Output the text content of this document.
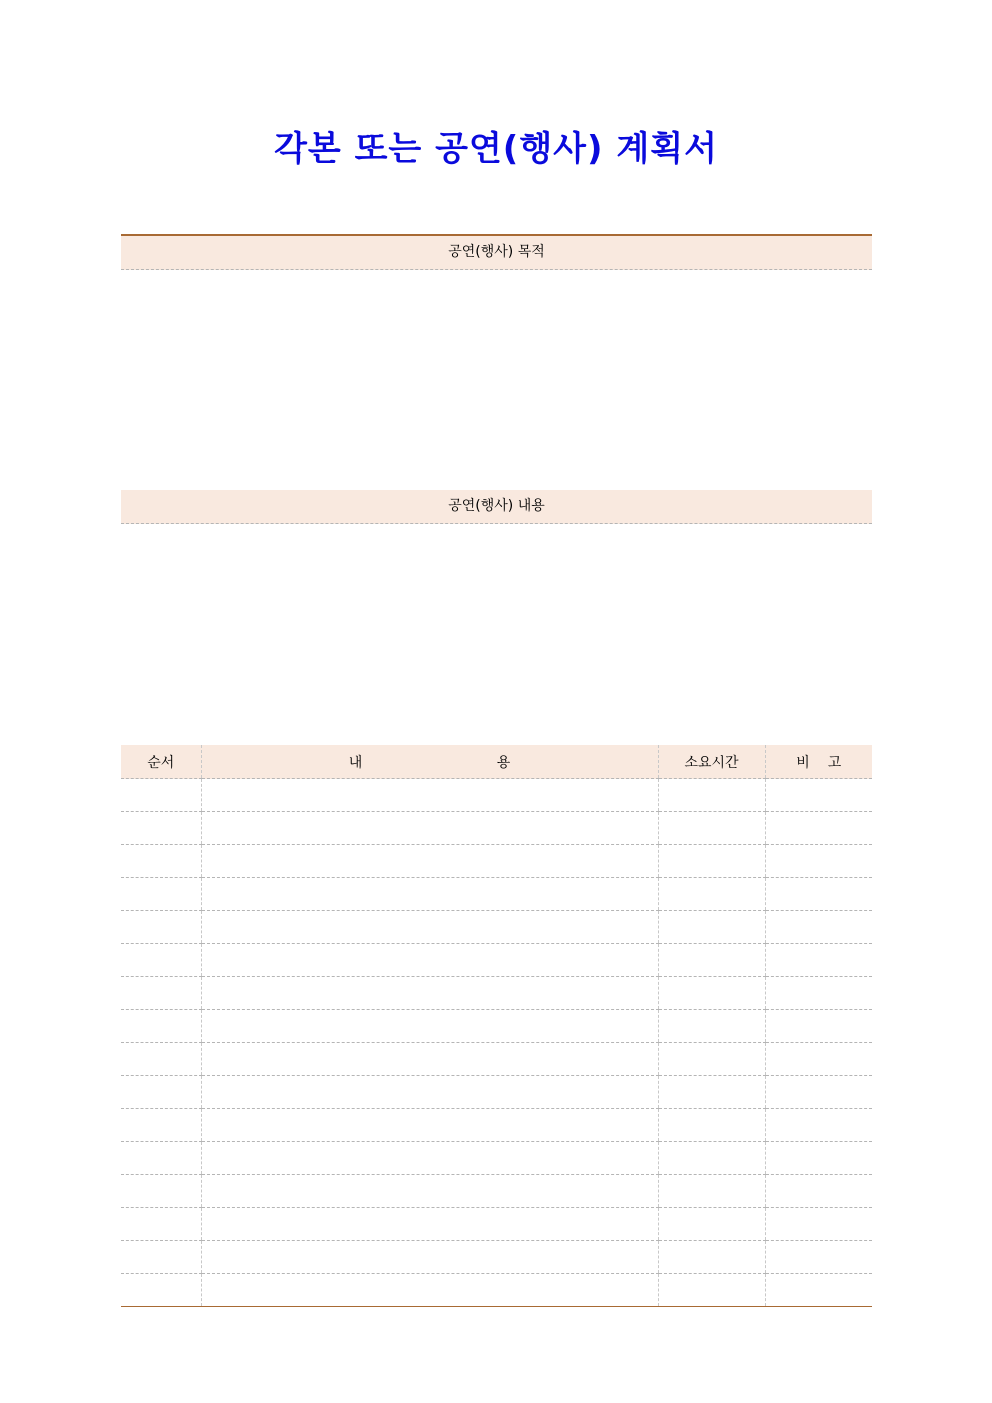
각본 또는 공연(행사) 계획서
공연(행사) 목적
공연(행사) 내용
순서	내 용	소요시간	비 고
